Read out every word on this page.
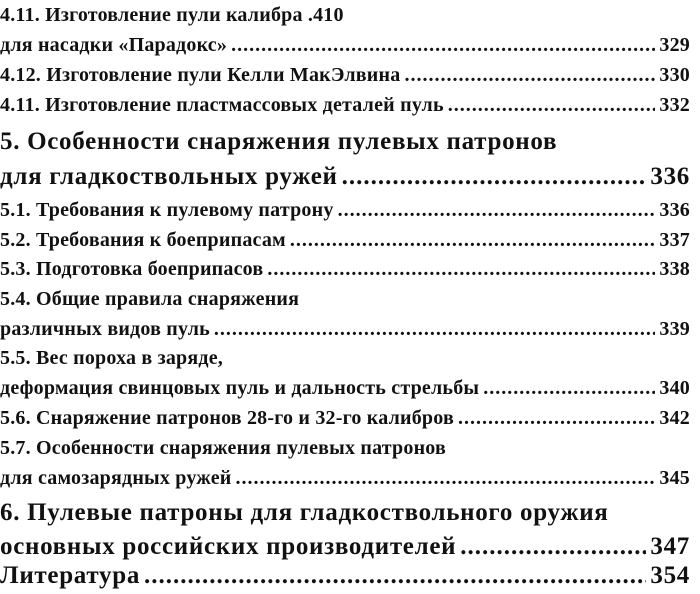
4.11. Изготовление пули калибра .410
для насадки «Парадокс» .....	329
4.12. Изготовление пули Келли МакЭлвина .....	330
4.11. Изготовление пластмассовых деталей пуль .....	332
5. Особенности снаряжения пулевых патронов
для гладкоствольных ружей .....	336
5.1. Требования к пулевому патрону .....	336
5.2. Требования к боеприпасам .....	337
5.3. Подготовка боеприпасов .....	338
5.4. Общие правила снаряжения
различных видов пуль .....	339
5.5. Вес пороха в заряде,
деформация свинцовых пуль и дальность стрельбы .....	340
5.6. Снаряжение патронов 28-го и 32-го калибров .....	342
5.7. Особенности снаряжения пулевых патронов
для самозарядных ружей .....	345
6. Пулевые патроны для гладкоствольного оружия
основных российских производителей .....	347
Литература .....	354
